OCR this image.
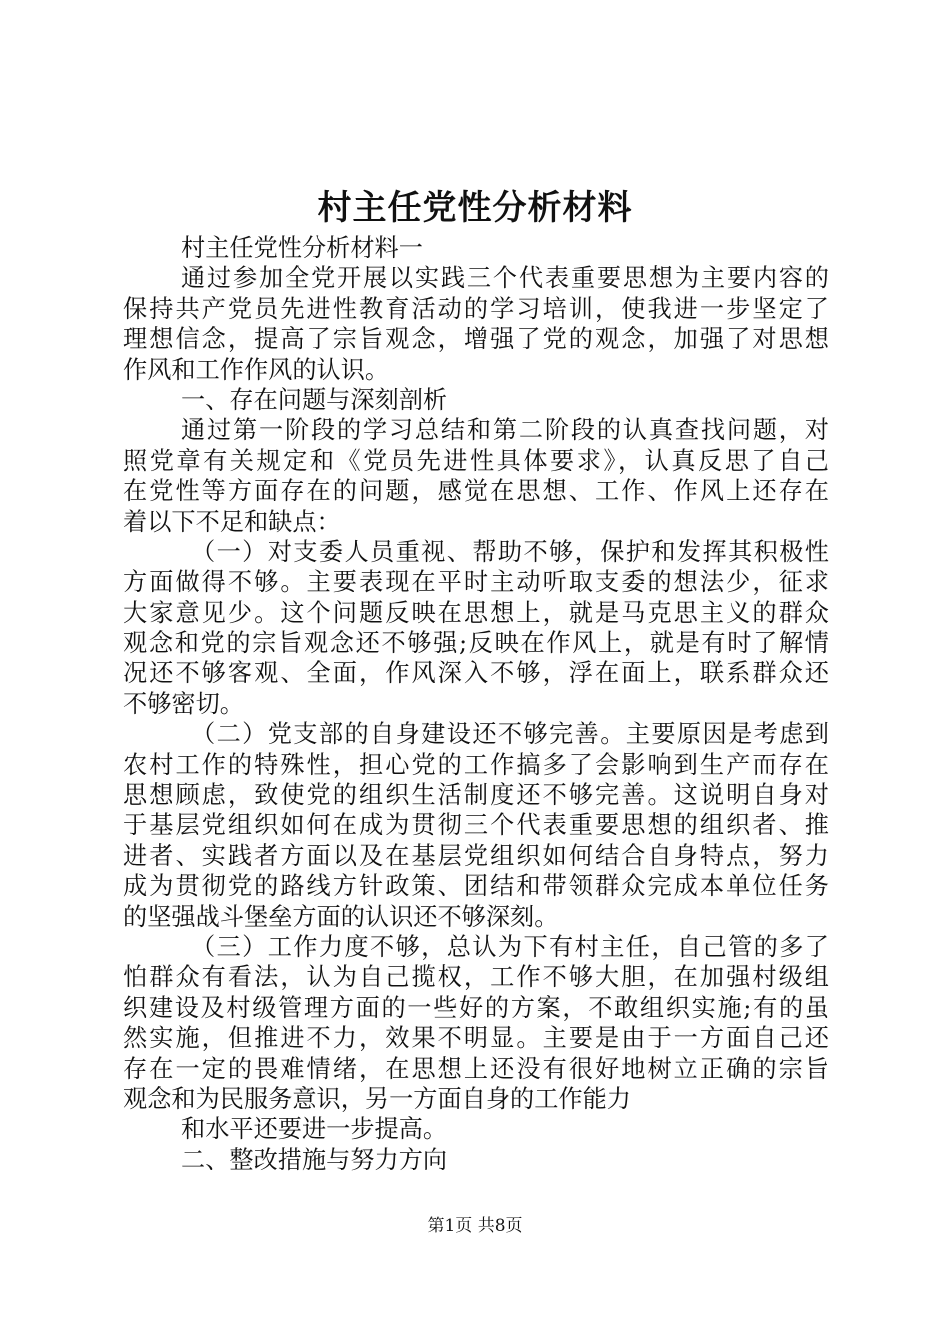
村主任党性分析材料
村主任党性分析材料一
通过参加全党开展以实践三个代表重要思想为主要内容的
保持共产党员先进性教育活动的学习培训，使我进一步坚定了
理想信念，提高了宗旨观念，增强了党的观念，加强了对思想
作风和工作作风的认识。
一、存在问题与深刻剖析
通过第一阶段的学习总结和第二阶段的认真查找问题，对
照党章有关规定和《党员先进性具体要求》，认真反思了自己
在党性等方面存在的问题，感觉在思想、工作、作风上还存在
着以下不足和缺点：
（一）对支委人员重视、帮助不够，保护和发挥其积极性
方面做得不够。主要表现在平时主动听取支委的想法少，征求
大家意见少。这个问题反映在思想上，就是马克思主义的群众
观念和党的宗旨观念还不够强;反映在作风上，就是有时了解情
况还不够客观、全面，作风深入不够，浮在面上，联系群众还
不够密切。
（二）党支部的自身建设还不够完善。主要原因是考虑到
农村工作的特殊性，担心党的工作搞多了会影响到生产而存在
思想顾虑，致使党的组织生活制度还不够完善。这说明自身对
于基层党组织如何在成为贯彻三个代表重要思想的组织者、推
进者、实践者方面以及在基层党组织如何结合自身特点，努力
成为贯彻党的路线方针政策、团结和带领群众完成本单位任务
的坚强战斗堡垒方面的认识还不够深刻。
（三）工作力度不够，总认为下有村主任，自己管的多了
怕群众有看法，认为自己揽权，工作不够大胆，在加强村级组
织建设及村级管理方面的一些好的方案，不敢组织实施;有的虽
然实施，但推进不力，效果不明显。主要是由于一方面自己还
存在一定的畏难情绪，在思想上还没有很好地树立正确的宗旨
观念和为民服务意识，另一方面自身的工作能力
和水平还要进一步提高。
二、整改措施与努力方向
第1页 共8页
